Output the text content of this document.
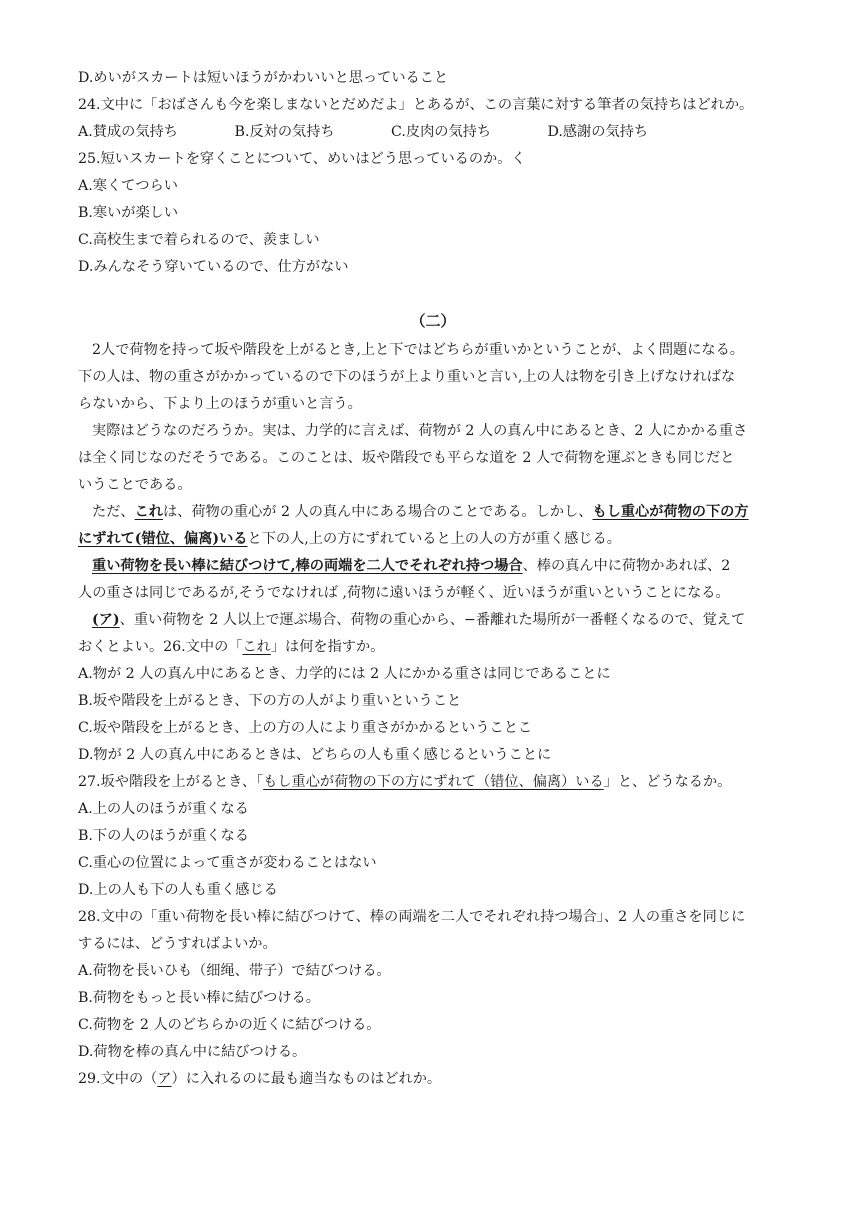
D.めいがスカートは短いほうがかわいいと思っていること
24.文中に「おばさんも今を楽しまないとだめだよ」とあるが、この言葉に対する筆者の気持ちはどれか。
A.賛成の気持ち	B.反対の気持ち	C.皮肉の気持ち	D.感謝の気持ち
25.短いスカートを穿くことについて、めいはどう思っているのか。く
A.寒くてつらい
B.寒いが楽しい
C.高校生まで着られるので、羨ましい
D.みんなそう穿いているので、仕方がない
（二）
2人で荷物を持って坂や階段を上がるとき,上と下ではどちらが重いかということが、よく問題になる。
下の人は、物の重さがかかっているので下のほうが上より重いと言い,上の人は物を引き上げなければな
らないから、下より上のほうが重いと言う。
実際はどうなのだろうか。実は、力学的に言えば、荷物が 2 人の真ん中にあるとき、2 人にかかる重さ
は全く同じなのだそうである。このことは、坂や階段でも平らな道を 2 人で荷物を運ぶときも同じだと
いうことである。
ただ、これは、荷物の重心が 2 人の真ん中にある場合のことである。しかし、もし重心が荷物の下の方
にずれて(错位、偏离)いると下の人,上の方にずれていると上の人の方が重く感じる。
重い荷物を長い棒に結びつけて,棒の両端を二人でそれぞれ持つ場合、棒の真ん中に荷物かあれば、2
人の重さは同じであるが,そうでなければ ,荷物に遠いほうが軽く、近いほうが重いということになる。
(ア)、重い荷物を 2 人以上で運ぶ場合、荷物の重心から、−番離れた場所が一番軽くなるので、覚えて
おくとよい。26.文中の「これ」は何を指すか。
A.物が 2 人の真ん中にあるとき、力学的には 2 人にかかる重さは同じであることに
B.坂や階段を上がるとき、下の方の人がより重いということ
C.坂や階段を上がるとき、上の方の人により重さがかかるということこ
D.物が 2 人の真ん中にあるときは、どちらの人も重く感じるということに
27.坂や階段を上がるとき、「もし重心が荷物の下の方にずれて（错位、偏离）いる」と、どうなるか。
A.上の人のほうが重くなる
B.下の人のほうが重くなる
C.重心の位置によって重さが変わることはない
D.上の人も下の人も重く感じる
28.文中の「重い荷物を長い棒に結びつけて、棒の両端を二人でそれぞれ持つ場合」、2 人の重さを同じに
するには、どうすればよいか。
A.荷物を長いひも（细绳、带子）で結びつける。
B.荷物をもっと長い棒に結びつける。
C.荷物を 2 人のどちらかの近くに結びつける。
D.荷物を棒の真ん中に結びつける。
29.文中の（ア）に入れるのに最も適当なものはどれか。
